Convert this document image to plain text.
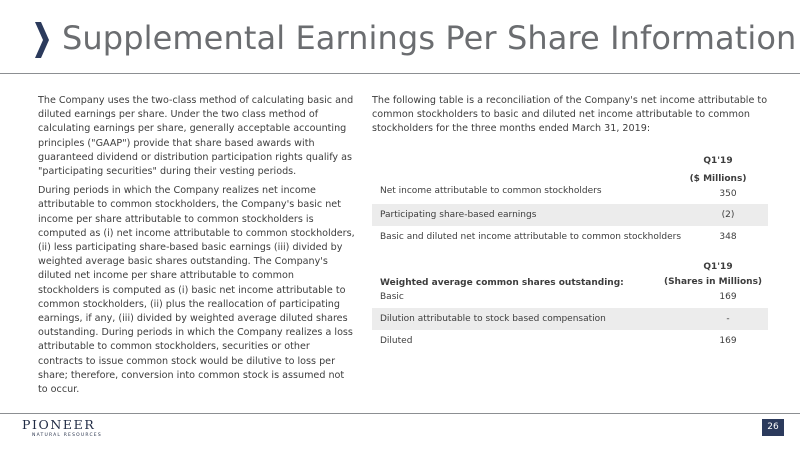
Supplemental Earnings Per Share Information

The Company uses the two-class method of calculating basic and diluted earnings per share. Under the two class method of calculating earnings per share, generally acceptable accounting principles ("GAAP") provide that share based awards with guaranteed dividend or distribution participation rights qualify as "participating securities" during their vesting periods.

During periods in which the Company realizes net income attributable to common stockholders, the Company's basic net income per share attributable to common stockholders is computed as (i) net income attributable to common stockholders, (ii) less participating share-based basic earnings (iii) divided by weighted average basic shares outstanding. The Company's diluted net income per share attributable to common stockholders is computed as (i) basic net income attributable to common stockholders, (ii) plus the reallocation of participating earnings, if any, (iii) divided by weighted average diluted shares outstanding. During periods in which the Company realizes a loss attributable to common stockholders, securities or other contracts to issue common stock would be dilutive to loss per share; therefore, conversion into common stock is assumed not to occur.

The following table is a reconciliation of the Company's net income attributable to common stockholders to basic and diluted net income attributable to common stockholders for the three months ended March 31, 2019:

Q1'19
($ Millions)
Net income attributable to common stockholders	350
Participating share-based earnings	(2)
Basic and diluted net income attributable to common stockholders	348
Q1'19
(Shares in Millions)
Weighted average common shares outstanding:
Basic	169
Dilution attributable to stock based compensation	-
Diluted	169
PIONEER
NATURAL RESOURCES
26
